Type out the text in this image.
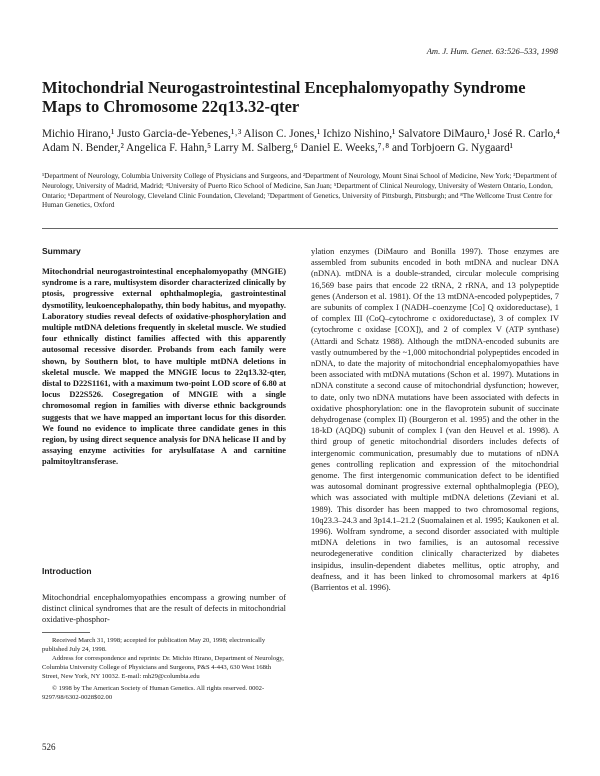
Am. J. Hum. Genet. 63:526–533, 1998
Mitochondrial Neurogastrointestinal Encephalomyopathy Syndrome Maps to Chromosome 22q13.32-qter
Michio Hirano,¹ Justo Garcia-de-Yebenes,¹˒³ Alison C. Jones,¹ Ichizo Nishino,¹ Salvatore DiMauro,¹ José R. Carlo,⁴ Adam N. Bender,² Angelica F. Hahn,⁵ Larry M. Salberg,⁶ Daniel E. Weeks,⁷˒⁸ and Torbjoern G. Nygaard¹
¹Department of Neurology, Columbia University College of Physicians and Surgeons, and ²Department of Neurology, Mount Sinai School of Medicine, New York; ³Department of Neurology, University of Madrid, Madrid; ⁴University of Puerto Rico School of Medicine, San Juan; ⁵Department of Clinical Neurology, University of Western Ontario, London, Ontario; ⁶Department of Neurology, Cleveland Clinic Foundation, Cleveland; ⁷Department of Genetics, University of Pittsburgh, Pittsburgh; and ⁸The Wellcome Trust Centre for Human Genetics, Oxford
Summary

Mitochondrial neurogastrointestinal encephalomyopathy (MNGIE) syndrome is a rare, multisystem disorder characterized clinically by ptosis, progressive external ophthalmoplegia, gastrointestinal dysmotility, leukoencephalopathy, thin body habitus, and myopathy. Laboratory studies reveal defects of oxidative-phosphorylation and multiple mtDNA deletions frequently in skeletal muscle. We studied four ethnically distinct families affected with this apparently autosomal recessive disorder. Probands from each family were shown, by Southern blot, to have multiple mtDNA deletions in skeletal muscle. We mapped the MNGIE locus to 22q13.32-qter, distal to D22S1161, with a maximum two-point LOD score of 6.80 at locus D22S526. Cosegregation of MNGIE with a single chromosomal region in families with diverse ethnic backgrounds suggests that we have mapped an important locus for this disorder. We found no evidence to implicate three candidate genes in this region, by using direct sequence analysis for DNA helicase II and by assaying enzyme activities for arylsulfatase A and carnitine palmitoyltransferase.

Introduction

Mitochondrial encephalomyopathies encompass a growing number of distinct clinical syndromes that are the result of defects in mitochondrial oxidative-phosphor-

ylation enzymes (DiMauro and Bonilla 1997). Those enzymes are assembled from subunits encoded in both mtDNA and nuclear DNA (nDNA). mtDNA is a double-stranded, circular molecule comprising 16,569 base pairs that encode 22 tRNA, 2 rRNA, and 13 polypeptide genes (Anderson et al. 1981). Of the 13 mtDNA-encoded polypeptides, 7 are subunits of complex I (NADH–coenzyme [Co] Q oxidoreductase), 1 of complex III (CoQ–cytochrome c oxidoreductase), 3 of complex IV (cytochrome c oxidase [COX]), and 2 of complex V (ATP synthase) (Attardi and Schatz 1988). Although the mtDNA-encoded subunits are vastly outnumbered by the ~1,000 mitochondrial polypeptides encoded in nDNA, to date the majority of mitochondrial encephalomyopathies have been associated with mtDNA mutations (Schon et al. 1997). Mutations in nDNA constitute a second cause of mitochondrial dysfunction; however, to date, only two nDNA mutations have been associated with defects in oxidative phosphorylation: one in the flavoprotein subunit of succinate dehydrogenase (complex II) (Bourgeron et al. 1995) and the other in the 18-kD (AQDQ) subunit of complex I (van den Heuvel et al. 1998). A third group of genetic mitochondrial disorders includes defects of intergenomic communication, presumably due to mutations of nDNA genes controlling replication and expression of the mitochondrial genome. The first intergenomic communication defect to be identified was autosomal dominant progressive external ophthalmoplegia (PEO), which was associated with multiple mtDNA deletions (Zeviani et al. 1989). This disorder has been mapped to two chromosomal regions, 10q23.3–24.3 and 3p14.1–21.2 (Suomalainen et al. 1995; Kaukonen et al. 1996). Wolfram syndrome, a second disorder associated with multiple mtDNA deletions in two families, is an autosomal recessive neurodegenerative condition clinically characterized by diabetes insipidus, insulin-dependent diabetes mellitus, optic atrophy, and deafness, and it has been linked to chromosomal markers at 4p16 (Barrientos et al. 1996).

Received March 31, 1998; accepted for publication May 20, 1998; electronically published July 24, 1998.

Address for correspondence and reprints: Dr. Michio Hirano, Department of Neurology, Columbia University College of Physicians and Surgeons, P&S 4-443, 630 West 168th Street, New York, NY 10032. E-mail: mh29@columbia.edu

© 1998 by The American Society of Human Genetics. All rights reserved. 0002-9297/98/6302-0028$02.00

526
